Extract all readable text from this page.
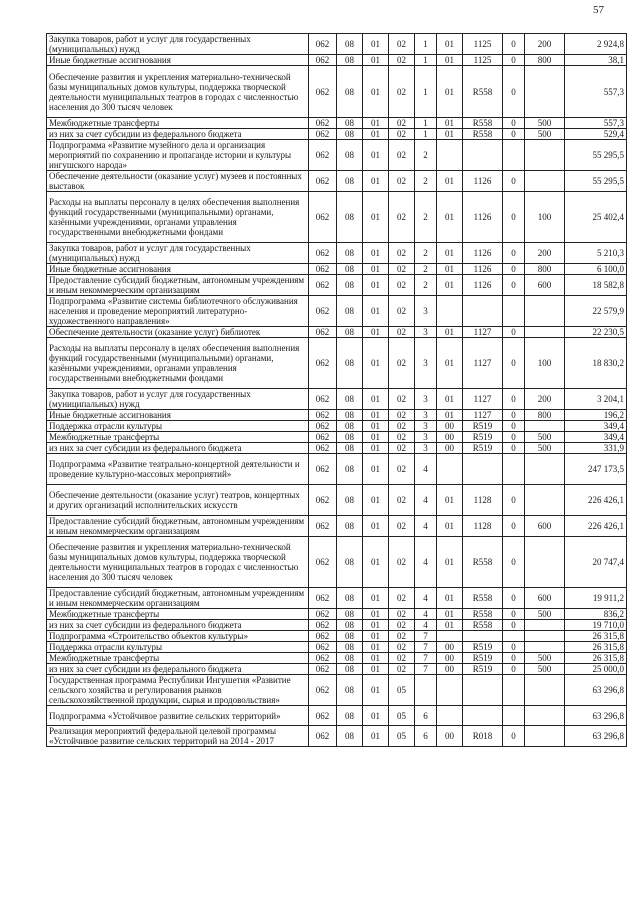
57
Закупка товаров, работ и услуг для государственных (муниципальных) нужд	062	08	01	02	1	01	1125	0	200	2 924,8
Иные бюджетные ассигнования	062	08	01	02	1	01	1125	0	800	38,1
Обеспечение развития и укрепления материально-технической базы муниципальных домов культуры, поддержка творческой деятельности муниципальных театров в городах с численностью населения до 300 тысяч человек	062	08	01	02	1	01	R558	0		557,3
Межбюджетные трансферты	062	08	01	02	1	01	R558	0	500	557,3
из них за счет субсидии из федерального бюджета	062	08	01	02	1	01	R558	0	500	529,4
Подпрограмма «Развитие музейного дела и организация мероприятий по сохранению и пропаганде истории и культуры ингушского народа»	062	08	01	02	2					55 295,5
Обеспечение деятельности (оказание услуг) музеев и постоянных выставок	062	08	01	02	2	01	1126	0		55 295,5
Расходы на выплаты персоналу в целях обеспечения выполнения функций государственными (муниципальными) органами, казёнными учреждениями, органами управления государственными внебюджетными фондами	062	08	01	02	2	01	1126	0	100	25 402,4
Закупка товаров, работ и услуг для государственных (муниципальных) нужд	062	08	01	02	2	01	1126	0	200	5 210,3
Иные бюджетные ассигнования	062	08	01	02	2	01	1126	0	800	6 100,0
Предоставление субсидий бюджетным, автономным учреждениям и иным некоммерческим организациям	062	08	01	02	2	01	1126	0	600	18 582,8
Подпрограмма «Развитие системы библиотечного обслуживания населения и проведение мероприятий литературно-художественного направления»	062	08	01	02	3					22 579,9
Обеспечение деятельности (оказание услуг) библиотек	062	08	01	02	3	01	1127	0		22 230,5
Расходы на выплаты персоналу в целях обеспечения выполнения функций государственными (муниципальными) органами, казёнными учреждениями, органами управления государственными внебюджетными фондами	062	08	01	02	3	01	1127	0	100	18 830,2
Закупка товаров, работ и услуг для государственных (муниципальных) нужд	062	08	01	02	3	01	1127	0	200	3 204,1
Иные бюджетные ассигнования	062	08	01	02	3	01	1127	0	800	196,2
Поддержка отрасли культуры	062	08	01	02	3	00	R519	0		349,4
Межбюджетные трансферты	062	08	01	02	3	00	R519	0	500	349,4
из них за счет субсидии из федерального бюджета	062	08	01	02	3	00	R519	0	500	331,9
Подпрограмма «Развитие театрально-концертной деятельности и проведение культурно-массовых мероприятий»	062	08	01	02	4					247 173,5
Обеспечение деятельности (оказание услуг) театров, концертных и других организаций исполнительских искусств	062	08	01	02	4	01	1128	0		226 426,1
Предоставление субсидий бюджетным, автономным учреждениям и иным некоммерческим организациям	062	08	01	02	4	01	1128	0	600	226 426,1
Обеспечение развития и укрепления материально-технической базы муниципальных домов культуры, поддержка творческой деятельности муниципальных театров в городах с численностью населения до 300 тысяч человек	062	08	01	02	4	01	R558	0		20 747,4
Предоставление субсидий бюджетным, автономным учреждениям и иным некоммерческим организациям	062	08	01	02	4	01	R558	0	600	19 911,2
Межбюджетные трансферты	062	08	01	02	4	01	R558	0	500	836,2
из них за счет субсидии из федерального бюджета	062	08	01	02	4	01	R558	0		19 710,0
Подпрограмма «Строительство объектов культуры»	062	08	01	02	7					26 315,8
Поддержка отрасли культуры	062	08	01	02	7	00	R519	0		26 315,8
Межбюджетные трансферты	062	08	01	02	7	00	R519	0	500	26 315,8
из них за счет субсидии из федерального бюджета	062	08	01	02	7	00	R519	0	500	25 000,0
Государственная программа Республики Ингушетия «Развитие сельского хозяйства и регулирования рынков сельскохозяйственной продукции, сырья и продовольствия»	062	08	01	05						63 296,8
Подпрограмма «Устойчивое развитие сельских территорий»	062	08	01	05	6					63 296,8
Реализация мероприятий федеральной целевой программы «Устойчивое развитие сельских территорий на 2014 - 2017	062	08	01	05	6	00	R018	0		63 296,8
